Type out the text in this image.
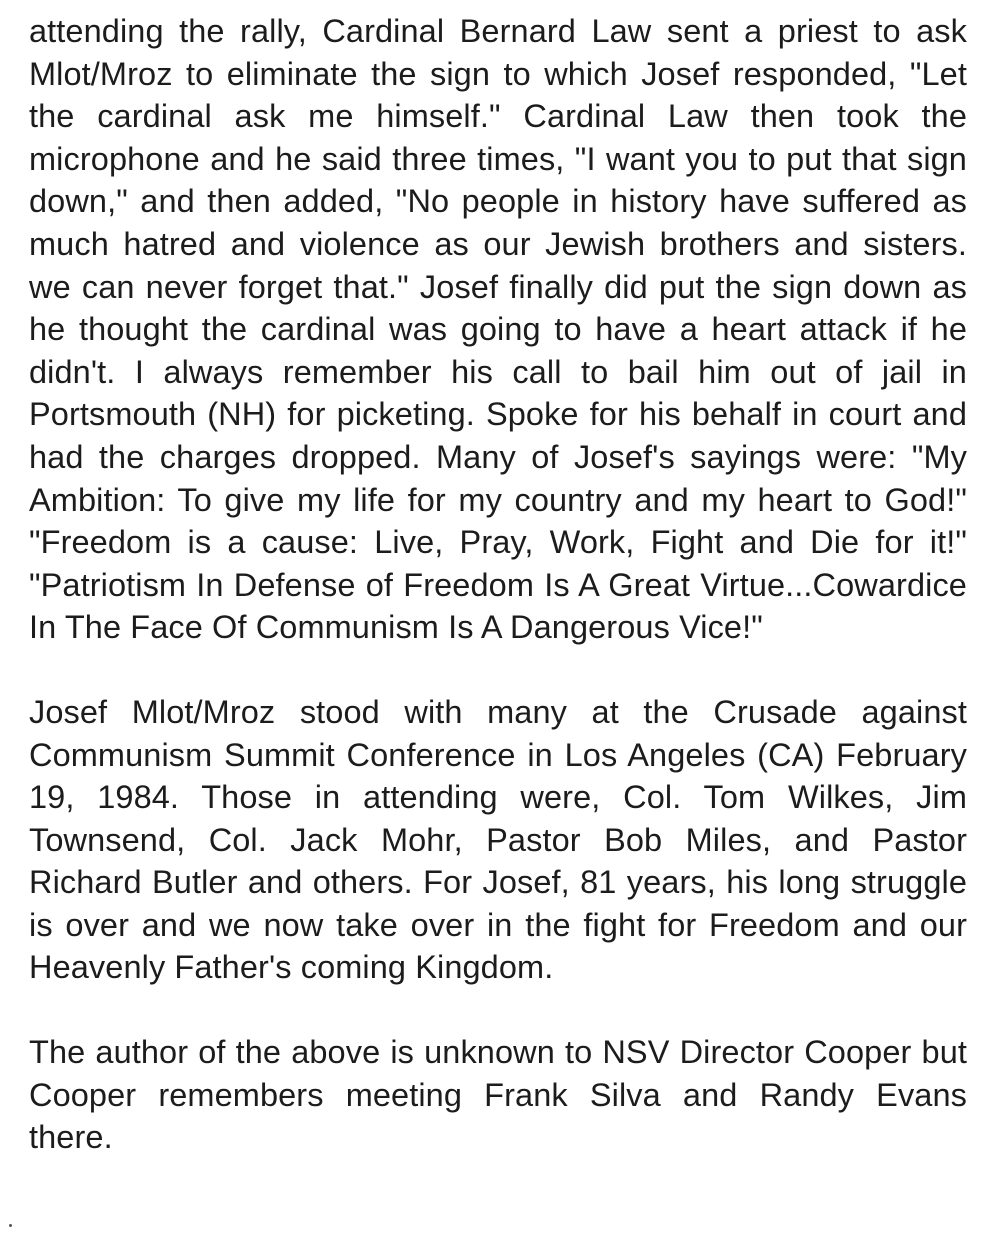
attending the rally, Cardinal Bernard Law sent a priest to ask Mlot/Mroz to eliminate the sign to which Josef responded, "Let the cardinal ask me himself." Cardinal Law then took the microphone and he said three times, "I want you to put that sign down," and then added, "No people in history have suffered as much hatred and violence as our Jewish brothers and sisters. we can never forget that." Josef finally did put the sign down as he thought the cardinal was going to have a heart attack if he didn't. I always remember his call to bail him out of jail in Portsmouth (NH) for picketing. Spoke for his behalf in court and had the charges dropped. Many of Josef's sayings were: "My Ambition: To give my life for my country and my heart to God!" "Freedom is a cause: Live, Pray, Work, Fight and Die for it!" "Patriotism In Defense of Freedom Is A Great Virtue...Cowardice In The Face Of Communism Is A Dangerous Vice!"

Josef Mlot/Mroz stood with many at the Crusade against Communism Summit Conference in Los Angeles (CA) February 19, 1984. Those in attending were, Col. Tom Wilkes, Jim Townsend, Col. Jack Mohr, Pastor Bob Miles, and Pastor Richard Butler and others. For Josef, 81 years, his long struggle is over and we now take over in the fight for Freedom and our Heavenly Father's coming Kingdom.

The author of the above is unknown to NSV Director Cooper but Cooper remembers meeting Frank Silva and Randy Evans there.
